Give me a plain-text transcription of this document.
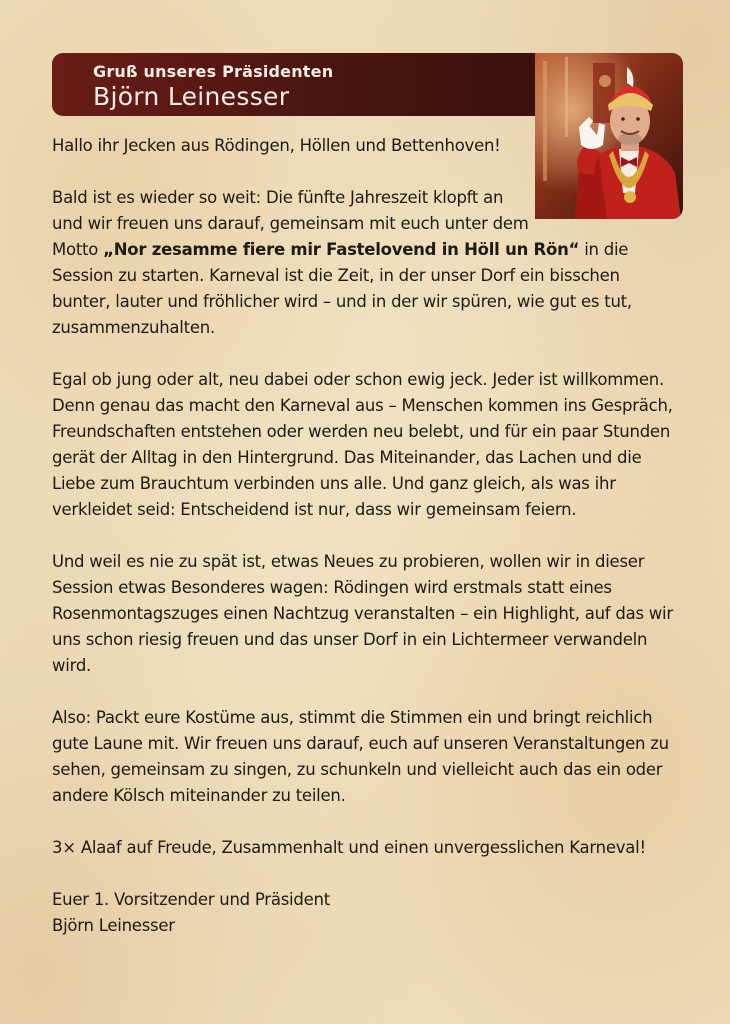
Gruß unseres Präsidenten
Björn Leinesser

Hallo ihr Jecken aus Rödingen, Höllen und Bettenhoven!

Bald ist es wieder so weit: Die fünfte Jahreszeit klopft an
und wir freuen uns darauf, gemeinsam mit euch unter dem
Motto „Nor zesamme fiere mir Fastelovend in Höll un Rön“ in die Session zu starten. Karneval ist die Zeit, in der unser Dorf ein bisschen bunter, lauter und fröhlicher wird – und in der wir spüren, wie gut es tut, zusammenzuhalten.

Egal ob jung oder alt, neu dabei oder schon ewig jeck. Jeder ist willkommen. Denn genau das macht den Karneval aus – Menschen kommen ins Gespräch, Freundschaften entstehen oder werden neu belebt, und für ein paar Stunden gerät der Alltag in den Hintergrund. Das Miteinander, das Lachen und die Liebe zum Brauchtum verbinden uns alle. Und ganz gleich, als was ihr verkleidet seid: Entscheidend ist nur, dass wir gemeinsam feiern.

Und weil es nie zu spät ist, etwas Neues zu probieren, wollen wir in dieser Session etwas Besonderes wagen: Rödingen wird erstmals statt eines Rosenmontagszuges einen Nachtzug veranstalten – ein Highlight, auf das wir uns schon riesig freuen und das unser Dorf in ein Lichtermeer verwandeln wird.

Also: Packt eure Kostüme aus, stimmt die Stimmen ein und bringt reichlich gute Laune mit. Wir freuen uns darauf, euch auf unseren Veranstaltungen zu sehen, gemeinsam zu singen, zu schunkeln und vielleicht auch das ein oder andere Kölsch miteinander zu teilen.

3× Alaaf auf Freude, Zusammenhalt und einen unvergesslichen Karneval!

Euer 1. Vorsitzender und Präsident
Björn Leinesser
